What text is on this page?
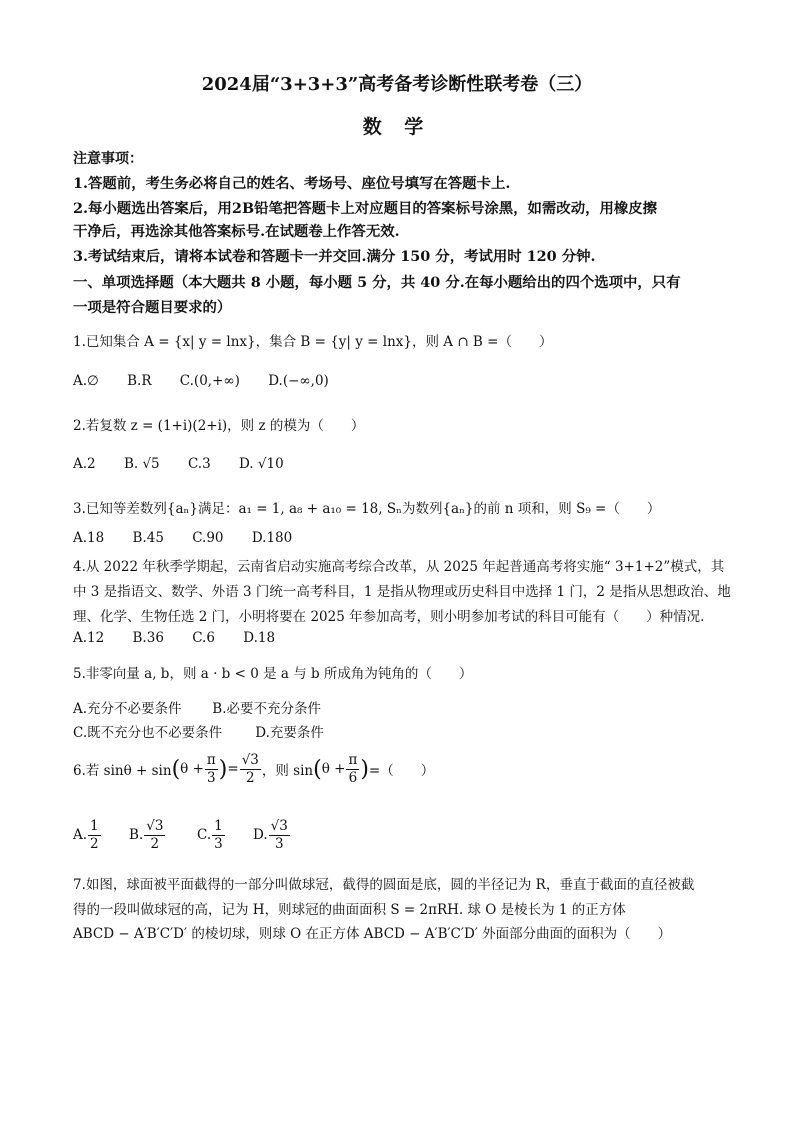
2024届“3+3+3”高考备考诊断性联考卷（三）
数 学
注意事项：
1.答题前，考生务必将自己的姓名、考场号、座位号填写在答题卡上.
2.每小题选出答案后，用2B铅笔把答题卡上对应题目的答案标号涂黑，如需改动，用橡皮擦
干净后，再选涂其他答案标号.在试题卷上作答无效.
3.考试结束后，请将本试卷和答题卡一并交回.满分 150 分，考试用时 120 分钟.
一、单项选择题（本大题共 8 小题，每小题 5 分，共 40 分.在每小题给出的四个选项中，只有
一项是符合题目要求的）
1.已知集合 A = {x| y = lnx}，集合 B = {y| y = lnx}，则 A ∩ B =（　　）
A.∅ B.R C.(0,+∞) D.(−∞,0)
2.若复数 z = (1+i)(2+i)，则 z 的模为（　　）
A.2 B. √5 C.3 D. √10
3.已知等差数列{aₙ}满足：a₁ = 1, a₈ + a₁₀ = 18, Sₙ为数列{aₙ}的前 n 项和，则 S₉ =（　　）
A.18 B.45 C.90 D.180
4.从 2022 年秋季学期起，云南省启动实施高考综合改革，从 2025 年起普通高考将实施“ 3+1+2”模式，其
中 3 是指语文、数学、外语 3 门统一高考科目，1 是指从物理或历史科目中选择 1 门，2 是指从思想政治、地
理、化学、生物任选 2 门，小明将要在 2025 年参加高考，则小明参加考试的科目可能有（　　）种情况.
A.12 B.36 C.6 D.18
5.非零向量 a, b，则 a · b < 0 是 a 与 b 所成角为钝角的（　　）
A.充分不必要条件 B.必要不充分条件
C.既不充分也不必要条件 D.充要条件
6.若 sinθ + sin ( $\theta + \frac{\pi}{3}$ ) = $\frac{√3}{2}$ ，则 sin ( $\theta + \frac{\pi}{6}$ ) =（　　）
A. $\frac{1}{2} B$. $\frac{√3}{2} C$. $\frac{1}{3} D$. $\frac{√3}{3}$
7.如图，球面被平面截得的一部分叫做球冠，截得的圆面是底，圆的半径记为 R，垂直于截面的直径被截
得的一段叫做球冠的高，记为 H，则球冠的曲面面积 S = 2πRH. 球 O 是棱长为 1 的正方体
ABCD − A′B′C′D′ 的棱切球，则球 O 在正方体 ABCD − A′B′C′D′ 外面部分曲面的面积为（　　）
